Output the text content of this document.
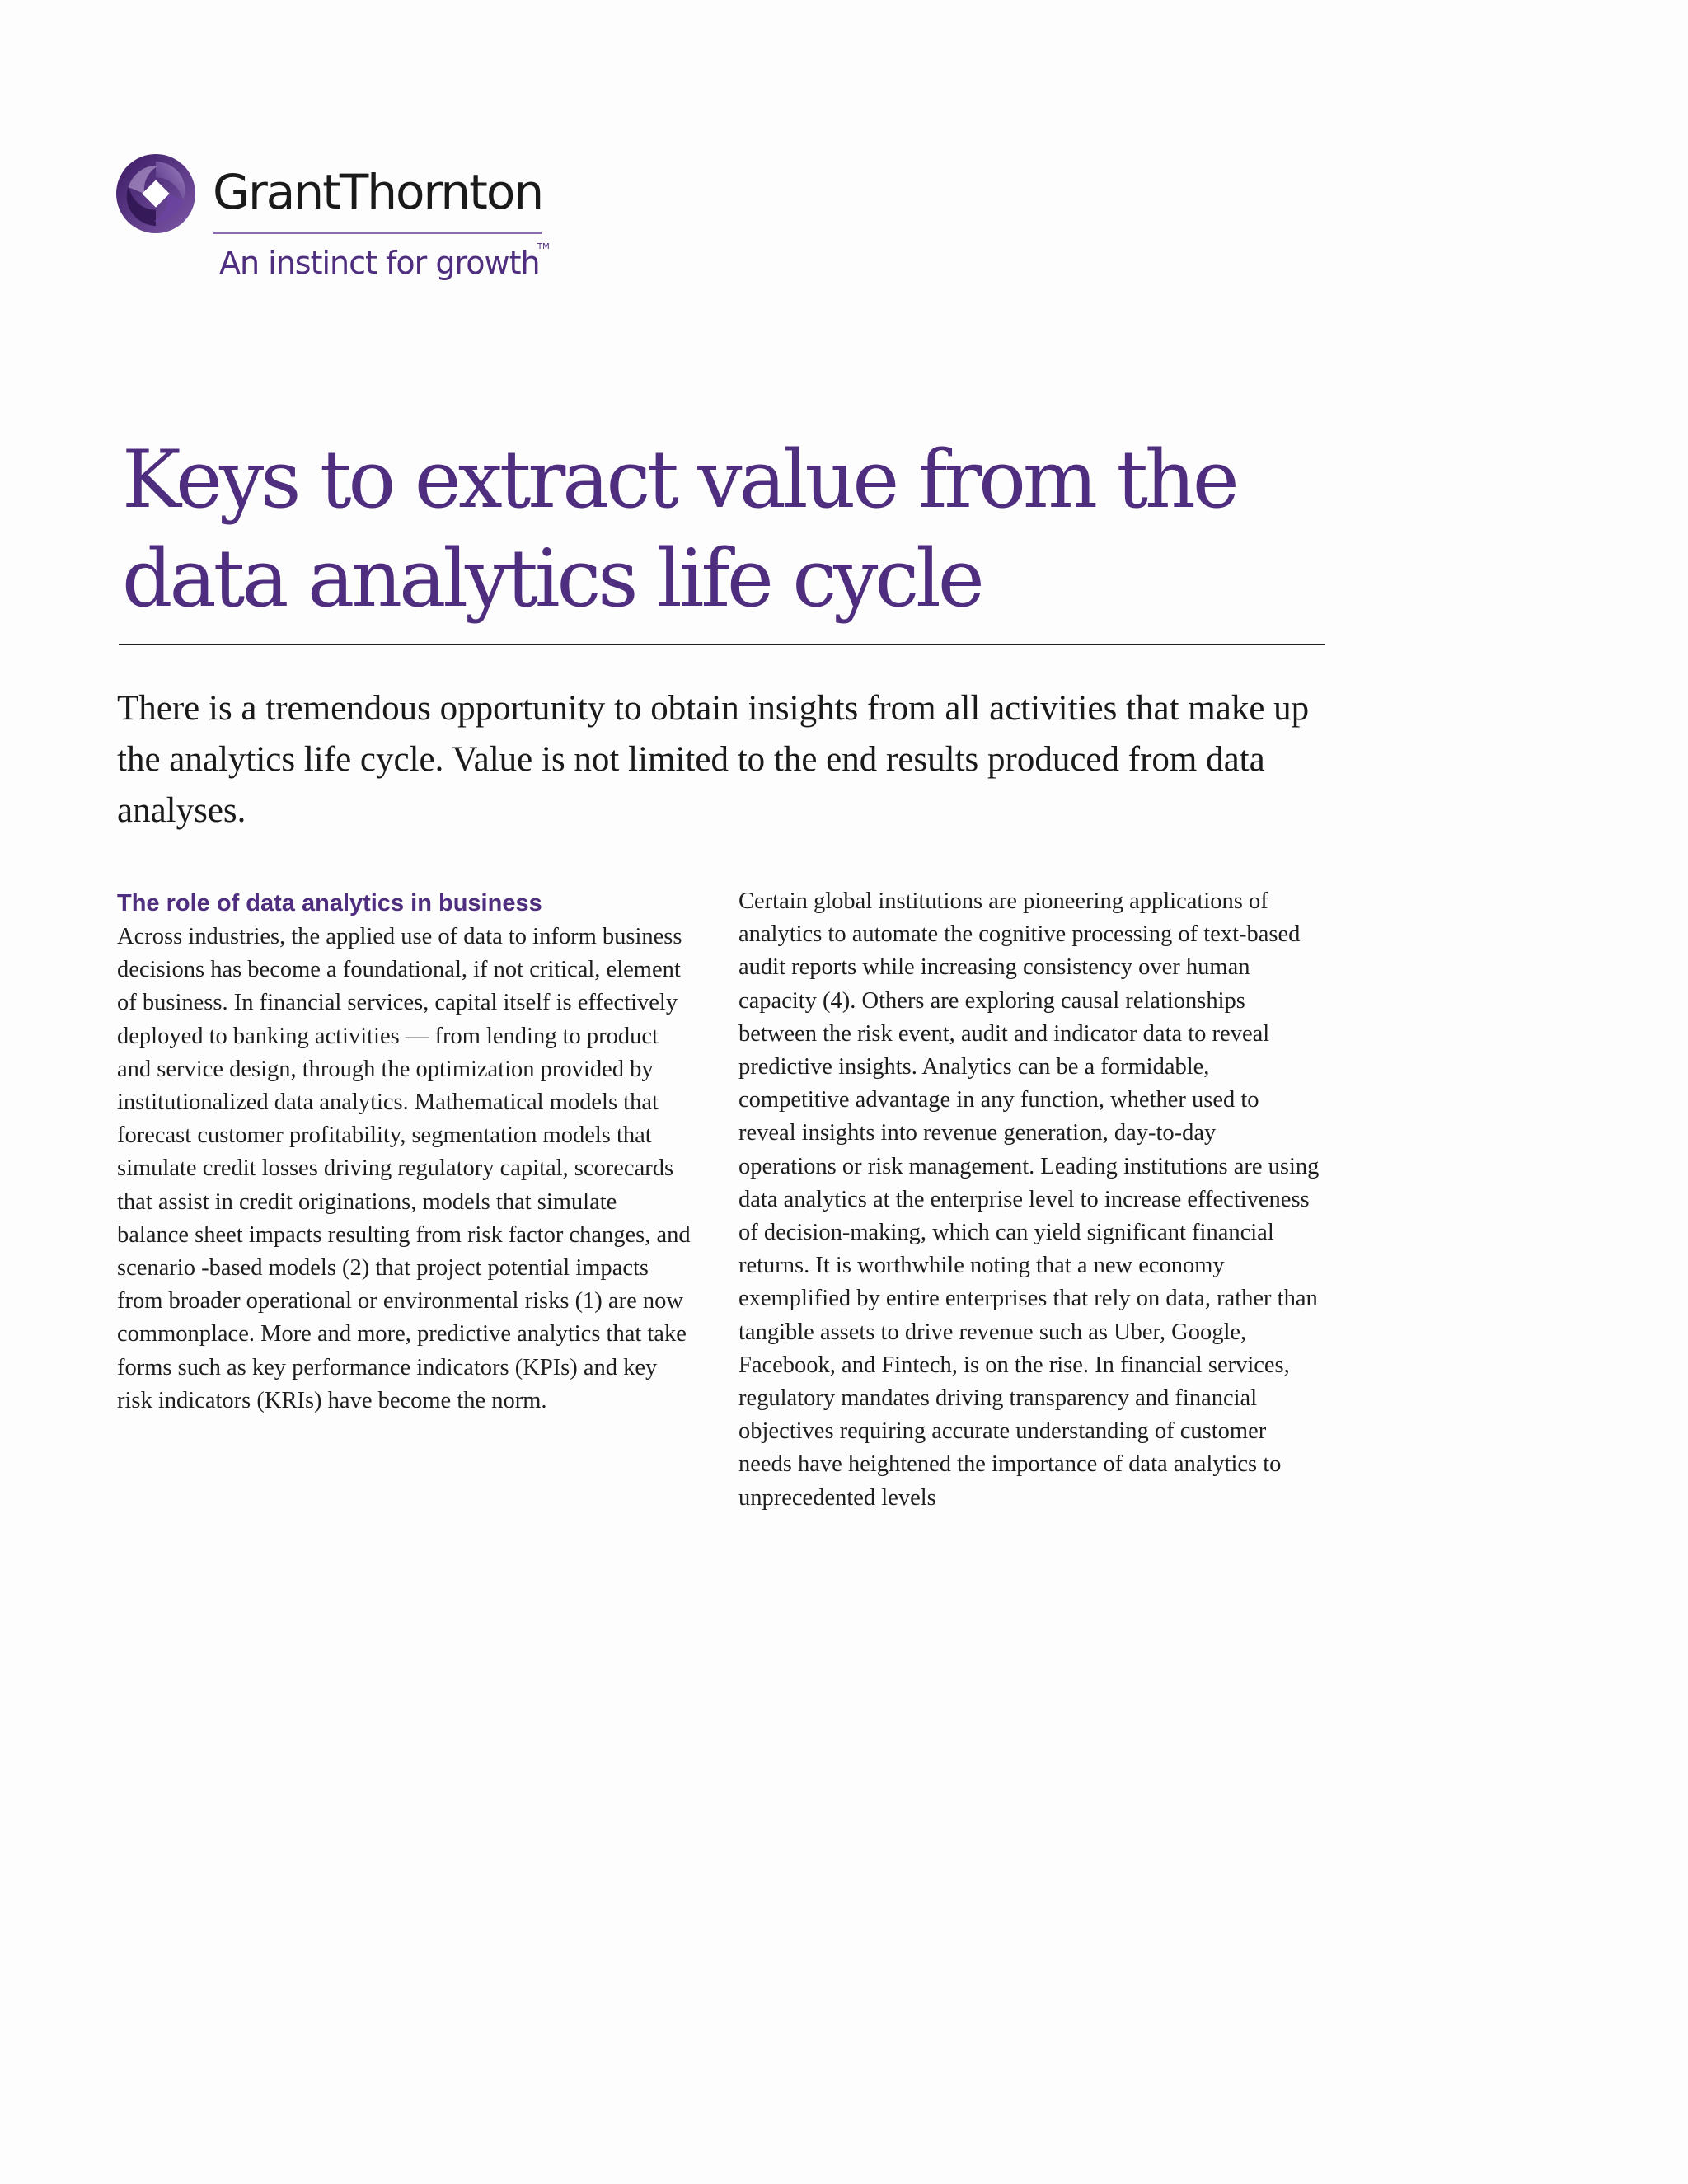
GrantThornton
An instinct for growth
TM
Keys to extract value from the data analytics life cycle

There is a tremendous opportunity to obtain insights from all activities that make up the analytics life cycle. Value is not limited to the end results produced from data analyses.

The role of data analytics in business

Across industries, the applied use of data to inform business decisions has become a foundational, if not critical, element of business. In financial services, capital itself is effectively deployed to banking activities — from lending to product and service design, through the optimization provided by institutionalized data analytics. Mathematical models that forecast customer profitability, segmentation models that simulate credit losses driving regulatory capital, scorecards that assist in credit originations, models that simulate balance sheet impacts resulting from risk factor changes, and scenario -based models (2) that project potential impacts from broader operational or environmental risks (1) are now commonplace. More and more, predictive analytics that take forms such as key performance indicators (KPIs) and key risk indicators (KRIs) have become the norm.

Certain global institutions are pioneering applications of analytics to automate the cognitive processing of text-based audit reports while increasing consistency over human capacity (4). Others are exploring causal relationships between the risk event, audit and indicator data to reveal predictive insights. Analytics can be a formidable, competitive advantage in any function, whether used to reveal insights into revenue generation, day-to-day operations or risk management. Leading institutions are using data analytics at the enterprise level to increase effectiveness of decision-making, which can yield significant financial returns. It is worthwhile noting that a new economy exemplified by entire enterprises that rely on data, rather than tangible assets to drive revenue such as Uber, Google, Facebook, and Fintech, is on the rise. In financial services, regulatory mandates driving transparency and financial objectives requiring accurate understanding of customer needs have heightened the importance of data analytics to unprecedented levels
